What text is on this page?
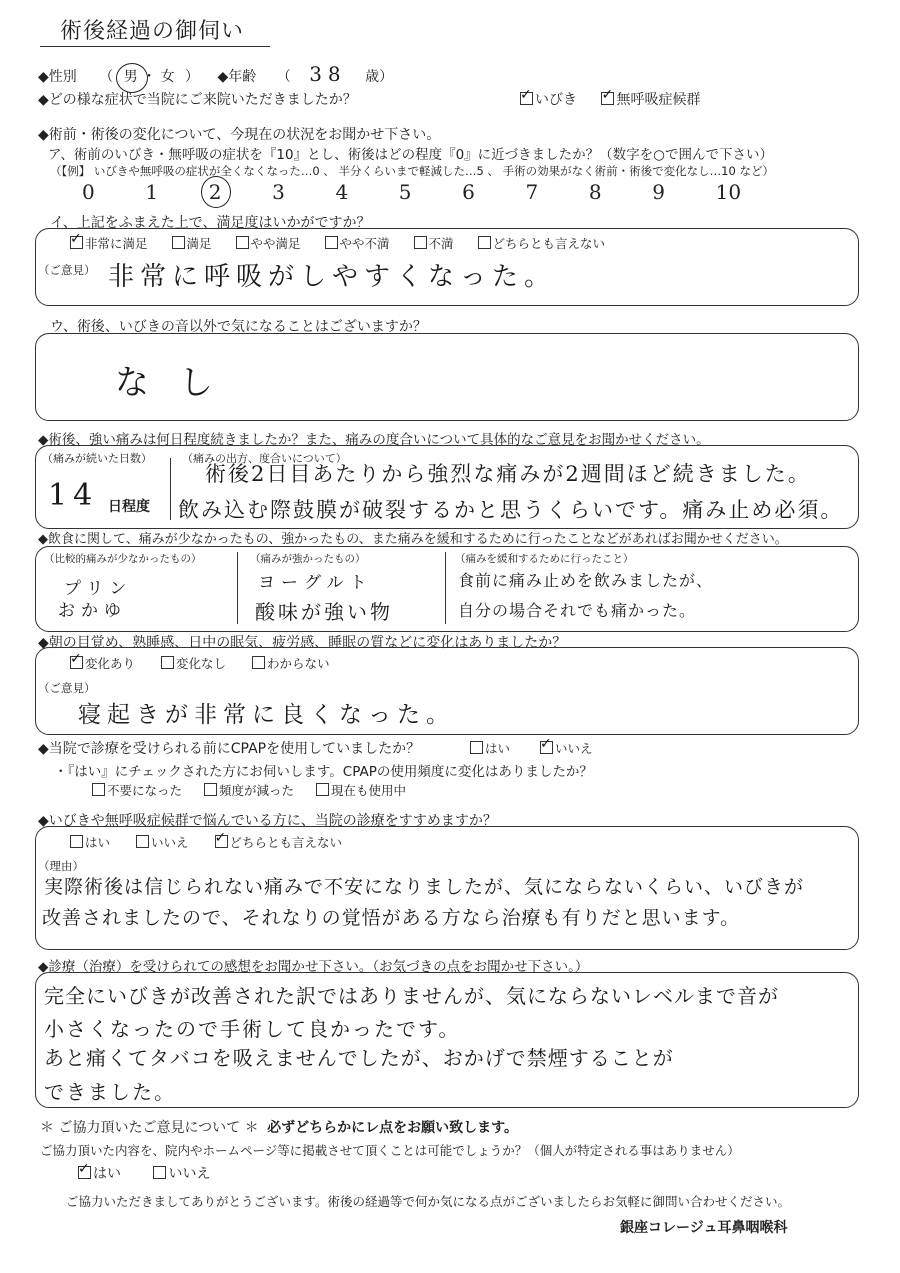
術後経過の御伺い
◆性別 （ 男 ・ 女 ） ◆年齢 （ 38 歳）
◆どの様な症状で当院にご来院いただきましたか？ ✓	いびき ✓	無呼吸症候群
◆術前・術後の変化について、今現在の状況をお聞かせ下さい。
ア、術前のいびき・無呼吸の症状を『10』とし、術後はどの程度『0』に近づきましたか？（数字を○で囲んで下さい）
（【例】 いびきや無呼吸の症状が全くなくなった…0 、 半分くらいまで軽減した…5 、 手術の効果がなく術前・術後で変化なし…10 など）
0	1	2	3	4	5	6	7	8	9	10
イ、上記をふまえた上で、満足度はいかがですか？
✓非常に満足	満足	やや満足	やや不満	不満	どちらとも言えない
（ご意見） 非常に呼吸がしやすくなった。
ウ、術後、いびきの音以外で気になることはございますか？
なし
◆術後、強い痛みは何日程度続きましたか？また、痛みの度合いについて具体的なご意見をお聞かせください。
（痛みが続いた日数）
14 日程度
（痛みの出方、度合いについて）
術後2日目あたりから強烈な痛みが2週間ほど続きました。
飲み込む際鼓膜が破裂するかと思うくらいです。痛み止め必須。
◆飲食に関して、痛みが少なかったもの、強かったもの、また痛みを緩和するために行ったことなどがあればお聞かせください。
（比較的痛みが少なかったもの）
プリン
おかゆ
（痛みが強かったもの）
ヨーグルト
酸味が強い物
（痛みを緩和するために行ったこと）
食前に痛み止めを飲みましたが、
自分の場合それでも痛かった。
◆朝の目覚め、熟睡感、日中の眠気、疲労感、睡眠の質などに変化はありましたか？
✓変化あり	変化なし	わからない
（ご意見）
寝起きが非常に良くなった。
◆当院で診療を受けられる前にCPAPを使用していましたか？	はい ✓	いいえ
・『はい』にチェックされた方にお伺いします。CPAPの使用頻度に変化はありましたか？
不要になった	頻度が減った	現在も使用中
◆いびきや無呼吸症候群で悩んでいる方に、当院の診療をすすめますか？
はい	いいえ ✓	どちらとも言えない
（理由）
実際術後は信じられない痛みで不安になりましたが、気にならないくらい、いびきが
改善されましたので、それなりの覚悟がある方なら治療も有りだと思います。
◆診療（治療）を受けられての感想をお聞かせ下さい。（お気づきの点をお聞かせ下さい。）
完全にいびきが改善された訳ではありませんが、気にならないレベルまで音が
小さくなったので手術して良かったです。
あと痛くてタバコを吸えませんでしたが、おかげで禁煙することが
できました。
＊ ご協力頂いたご意見について ＊ 必ずどちらかにレ点をお願い致します。
ご協力頂いた内容を、院内やホームページ等に掲載させて頂くことは可能でしょうか？（個人が特定される事はありません）
✓はい	いいえ
ご協力いただきましてありがとうございます。術後の経過等で何か気になる点がございましたらお気軽に御問い合わせください。
銀座コレージュ耳鼻咽喉科
